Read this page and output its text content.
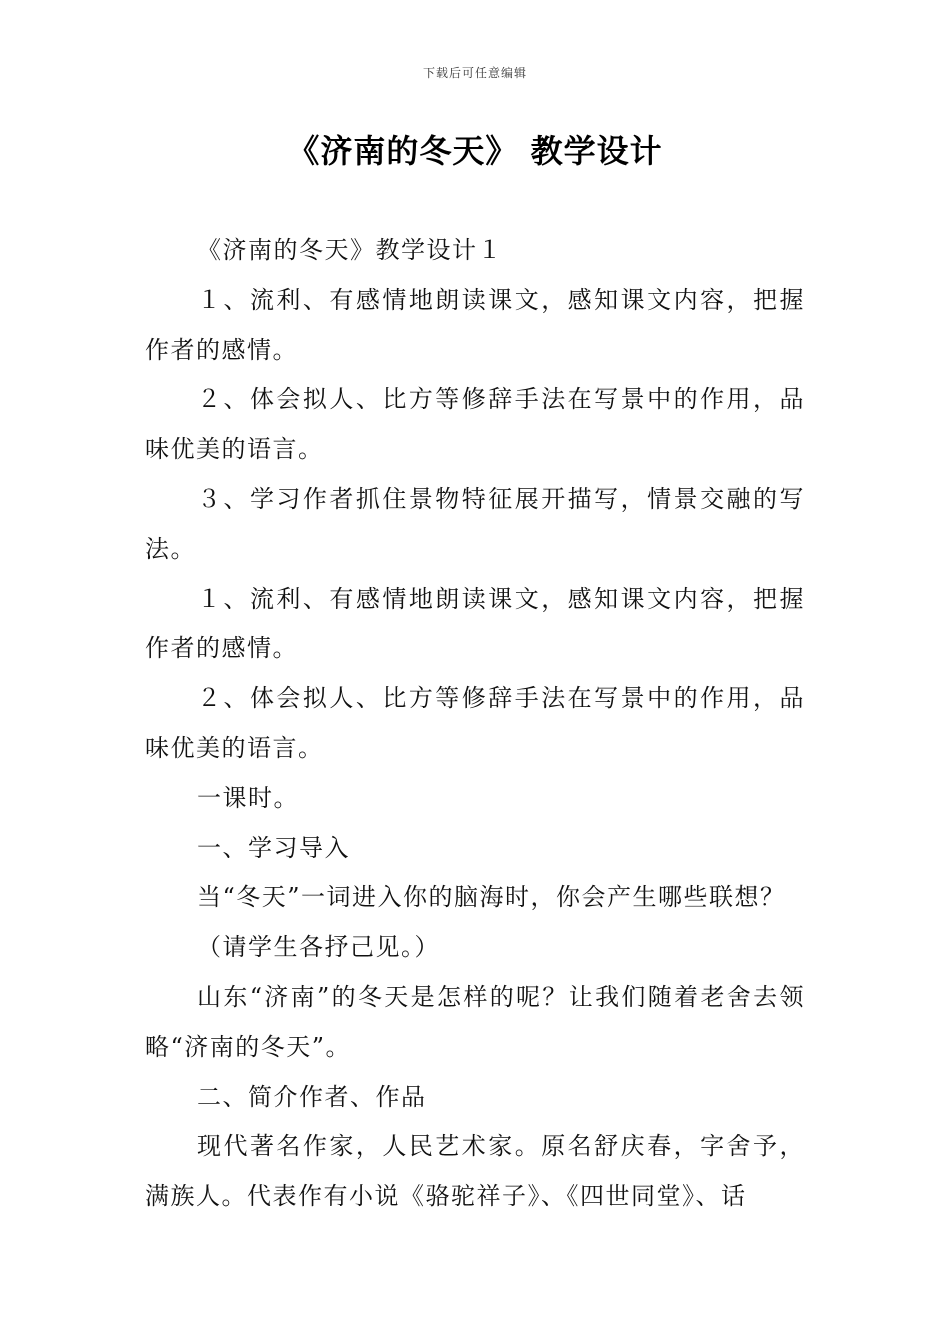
下载后可任意编辑
《济南的冬天》 教学设计

《济南的冬天》教学设计１

１、流利、有感情地朗读课文，感知课文内容，把握作者的感情。

２、体会拟人、比方等修辞手法在写景中的作用，品味优美的语言。

３、学习作者抓住景物特征展开描写，情景交融的写法。

１、流利、有感情地朗读课文，感知课文内容，把握作者的感情。

２、体会拟人、比方等修辞手法在写景中的作用，品味优美的语言。

一课时。

一、学习导入

当“冬天”一词进入你的脑海时，你会产生哪些联想？

（请学生各抒己见。）

山东“济南”的冬天是怎样的呢？让我们随着老舍去领略“济南的冬天”。

二、简介作者、作品

现代著名作家，人民艺术家。原名舒庆春，字舍予，满族人。代表作有小说《骆驼祥子》、《四世同堂》、话
